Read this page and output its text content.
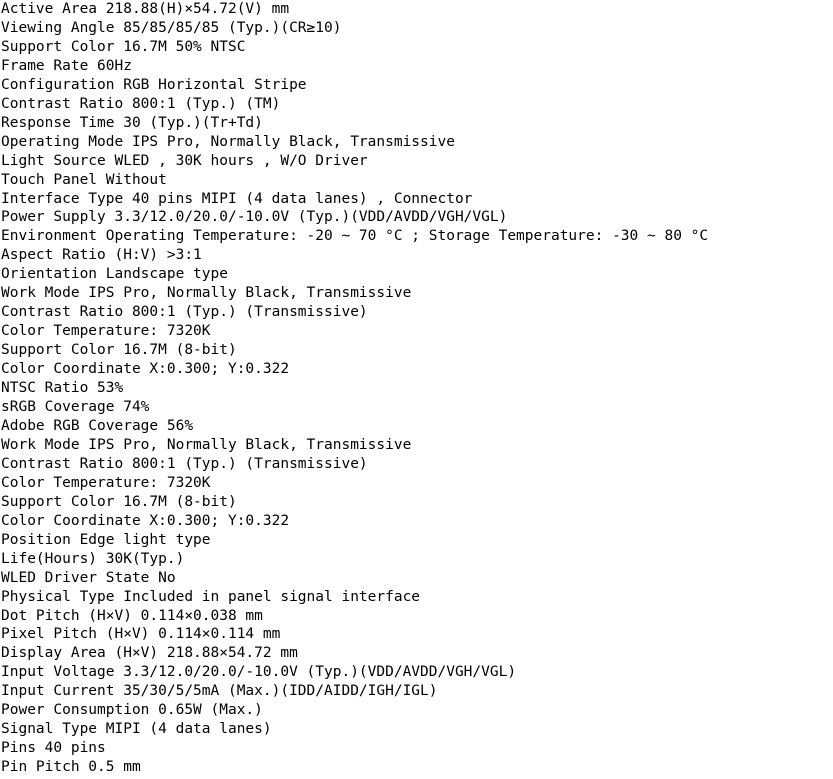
Active Area 218.88(H)×54.72(V) mm
Viewing Angle 85/85/85/85 (Typ.)(CR≥10)
Support Color 16.7M 50% NTSC
Frame Rate 60Hz
Configuration RGB Horizontal Stripe
Contrast Ratio 800:1 (Typ.) (TM)
Response Time 30 (Typ.)(Tr+Td)
Operating Mode IPS Pro, Normally Black, Transmissive
Light Source WLED , 30K hours , W/O Driver
Touch Panel Without
Interface Type 40 pins MIPI (4 data lanes) , Connector
Power Supply 3.3/12.0/20.0/-10.0V (Typ.)(VDD/AVDD/VGH/VGL)
Environment Operating Temperature: -20 ~ 70 °C ; Storage Temperature: -30 ~ 80 °C
Aspect Ratio (H:V) >3:1
Orientation Landscape type
Work Mode IPS Pro, Normally Black, Transmissive
Contrast Ratio 800:1 (Typ.) (Transmissive)
Color Temperature: 7320K
Support Color 16.7M (8-bit)
Color Coordinate X:0.300; Y:0.322
NTSC Ratio 53%
sRGB Coverage 74%
Adobe RGB Coverage 56%
Work Mode IPS Pro, Normally Black, Transmissive
Contrast Ratio 800:1 (Typ.) (Transmissive)
Color Temperature: 7320K
Support Color 16.7M (8-bit)
Color Coordinate X:0.300; Y:0.322
Position Edge light type
Life(Hours) 30K(Typ.)
WLED Driver State No
Physical Type Included in panel signal interface
Dot Pitch (H×V) 0.114×0.038 mm
Pixel Pitch (H×V) 0.114×0.114 mm
Display Area (H×V) 218.88×54.72 mm
Input Voltage 3.3/12.0/20.0/-10.0V (Typ.)(VDD/AVDD/VGH/VGL)
Input Current 35/30/5/5mA (Max.)(IDD/AIDD/IGH/IGL)
Power Consumption 0.65W (Max.)
Signal Type MIPI (4 data lanes)
Pins 40 pins
Pin Pitch 0.5 mm
